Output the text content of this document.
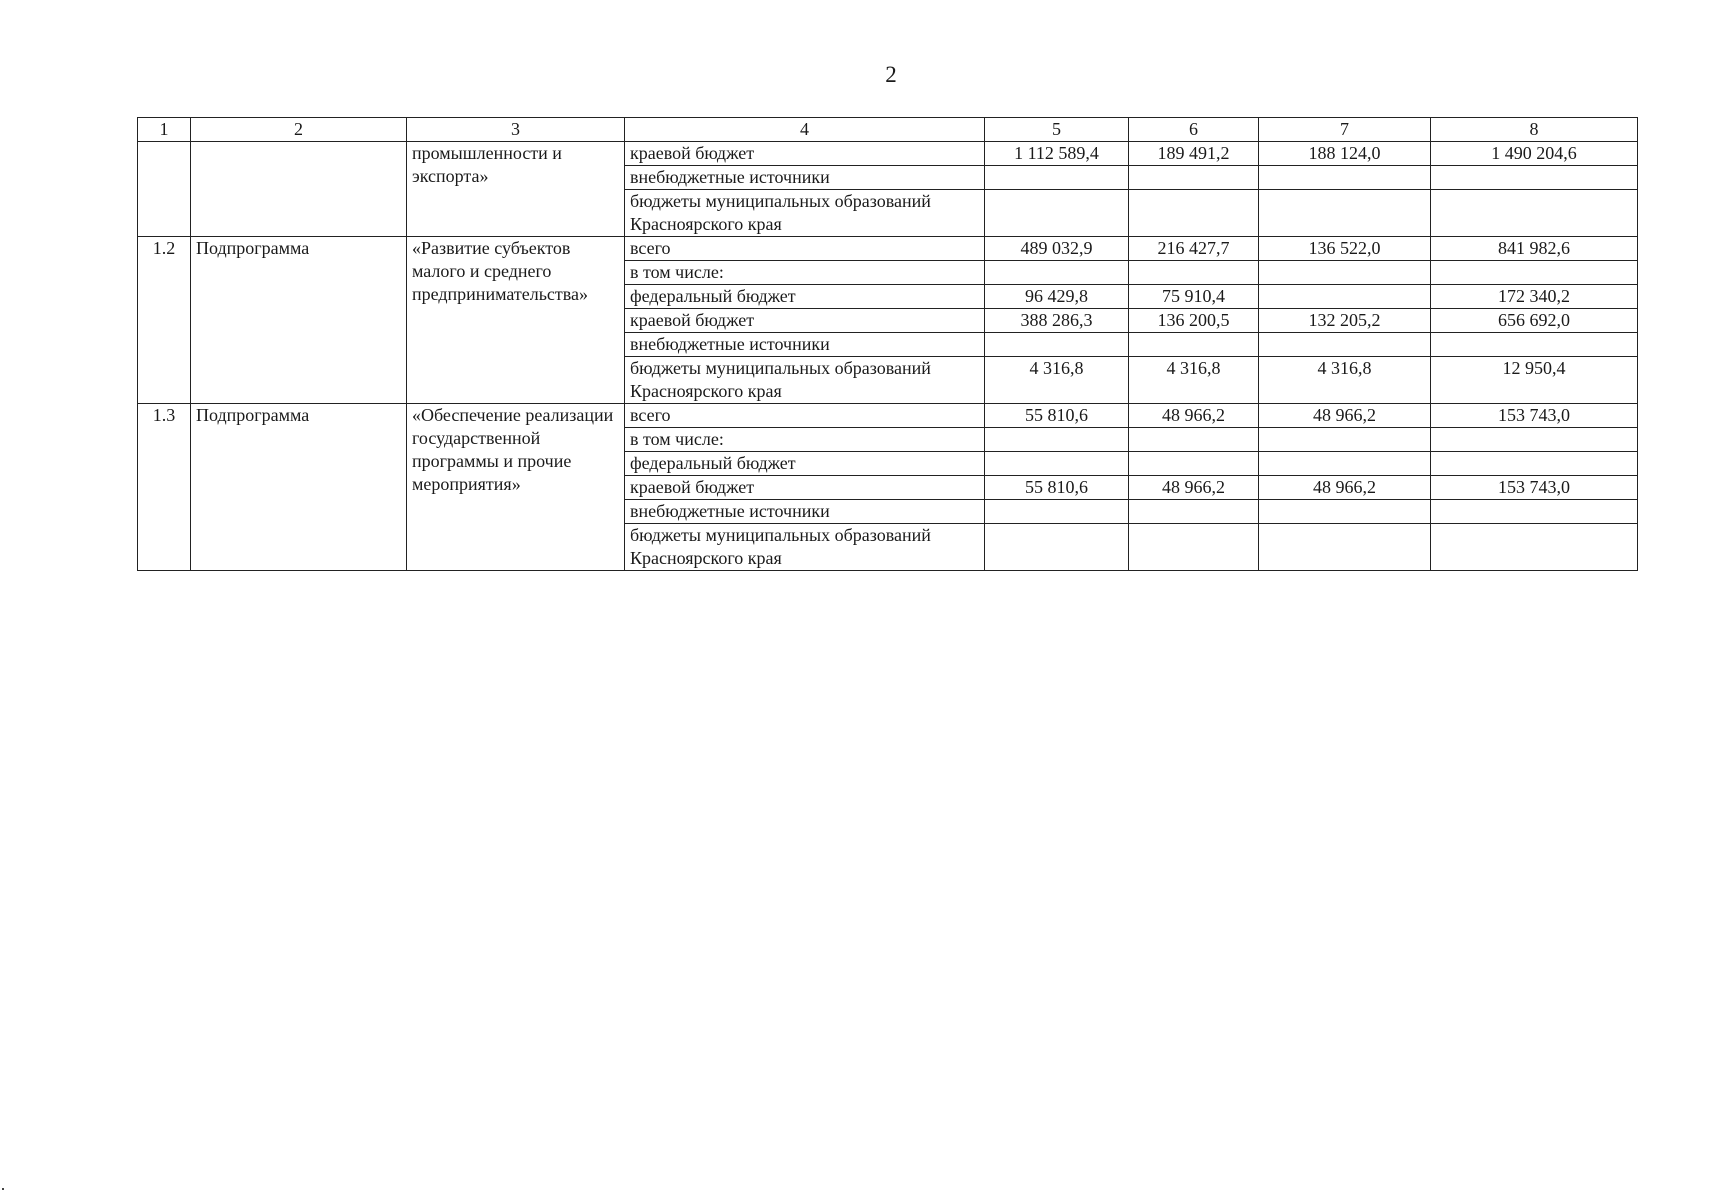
2
1	2	3	4	5	6	7	8
		промышленности и экспорта»	краевой бюджет	1 112 589,4	189 491,2	188 124,0	1 490 204,6
			внебюджетные источники				
			бюджеты муниципальных образований Красноярского края				
1.2	Подпрограмма	«Развитие субъектов малого и среднего предпринимательства»	всего	489 032,9	216 427,7	136 522,0	841 982,6
			в том числе:				
			федеральный бюджет	96 429,8	75 910,4		172 340,2
			краевой бюджет	388 286,3	136 200,5	132 205,2	656 692,0
			внебюджетные источники				
			бюджеты муниципальных образований Красноярского края	4 316,8	4 316,8	4 316,8	12 950,4
1.3	Подпрограмма	«Обеспечение реализации государственной программы и прочие мероприятия»	всего	55 810,6	48 966,2	48 966,2	153 743,0
			в том числе:				
			федеральный бюджет				
			краевой бюджет	55 810,6	48 966,2	48 966,2	153 743,0
			внебюджетные источники				
			бюджеты муниципальных образований Красноярского края				
